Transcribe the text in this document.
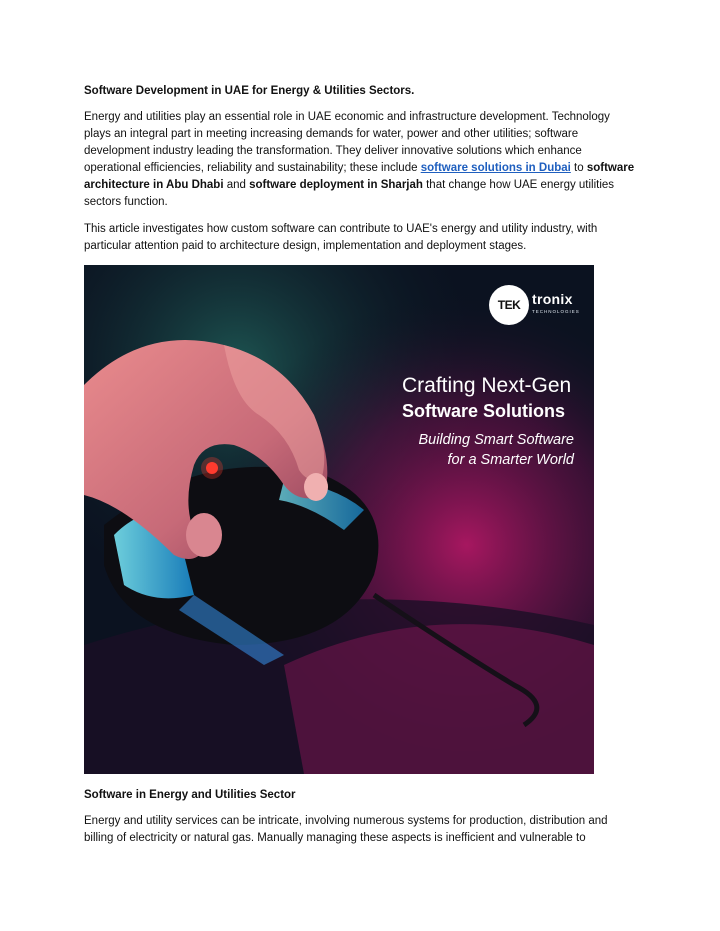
Software Development in UAE for Energy & Utilities Sectors.

Energy and utilities play an essential role in UAE economic and infrastructure development. Technology plays an integral part in meeting increasing demands for water, power and other utilities; software development industry leading the transformation. They deliver innovative solutions which enhance operational efficiencies, reliability and sustainability; these include software solutions in Dubai to software architecture in Abu Dhabi and software deployment in Sharjah that change how UAE energy utilities sectors function.

This article investigates how custom software can contribute to UAE's energy and utility industry, with particular attention paid to architecture design, implementation and deployment stages.

TEK tronix
TECHNOLOGIES
Crafting Next-Gen
Software Solutions
Building Smart Software
for a Smarter World

Software in Energy and Utilities Sector

Energy and utility services can be intricate, involving numerous systems for production, distribution and billing of electricity or natural gas. Manually managing these aspects is inefficient and vulnerable to
